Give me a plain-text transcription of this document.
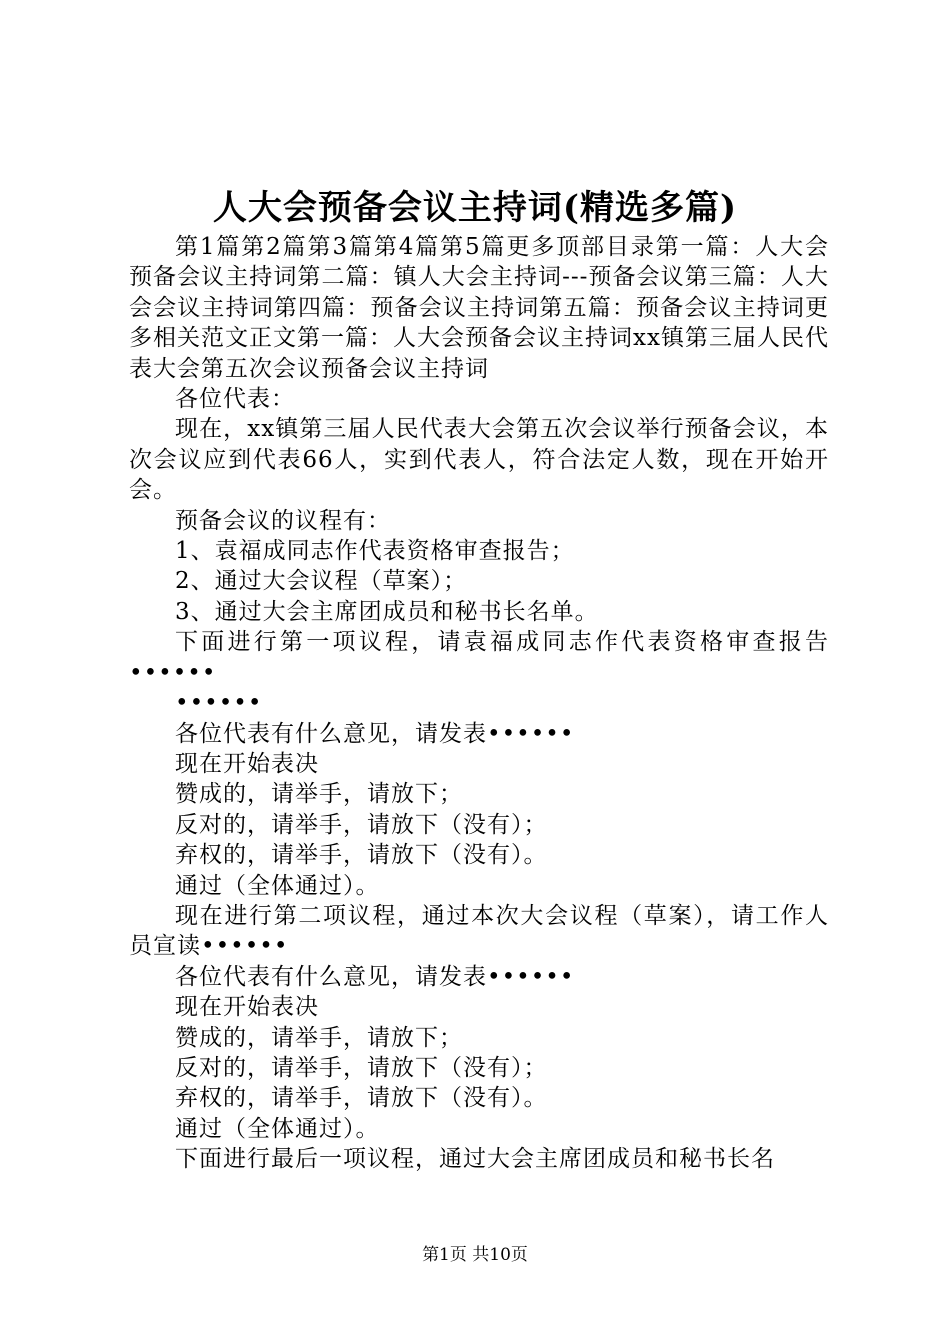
人大会预备会议主持词(精选多篇)

第1篇第2篇第3篇第4篇第5篇更多顶部目录第一篇：人大会预备会议主持词第二篇：镇人大会主持词---预备会议第三篇：人大会会议主持词第四篇：预备会议主持词第五篇：预备会议主持词更多相关范文正文第一篇：人大会预备会议主持词xx镇第三届人民代表大会第五次会议预备会议主持词

各位代表：

现在，xx镇第三届人民代表大会第五次会议举行预备会议，本次会议应到代表66人，实到代表人，符合法定人数，现在开始开会。

预备会议的议程有：

1、袁福成同志作代表资格审查报告；

2、通过大会议程（草案）；

3、通过大会主席团成员和秘书长名单。

下面进行第一项议程，请袁福成同志作代表资格审查报告••••••

••••••

各位代表有什么意见，请发表••••••

现在开始表决

赞成的，请举手，请放下；

反对的，请举手，请放下（没有）；

弃权的，请举手，请放下（没有）。

通过（全体通过）。

现在进行第二项议程，通过本次大会议程（草案），请工作人员宣读••••••

各位代表有什么意见，请发表••••••

现在开始表决

赞成的，请举手，请放下；

反对的，请举手，请放下（没有）；

弃权的，请举手，请放下（没有）。

通过（全体通过）。

下面进行最后一项议程，通过大会主席团成员和秘书长名

第1页 共10页
